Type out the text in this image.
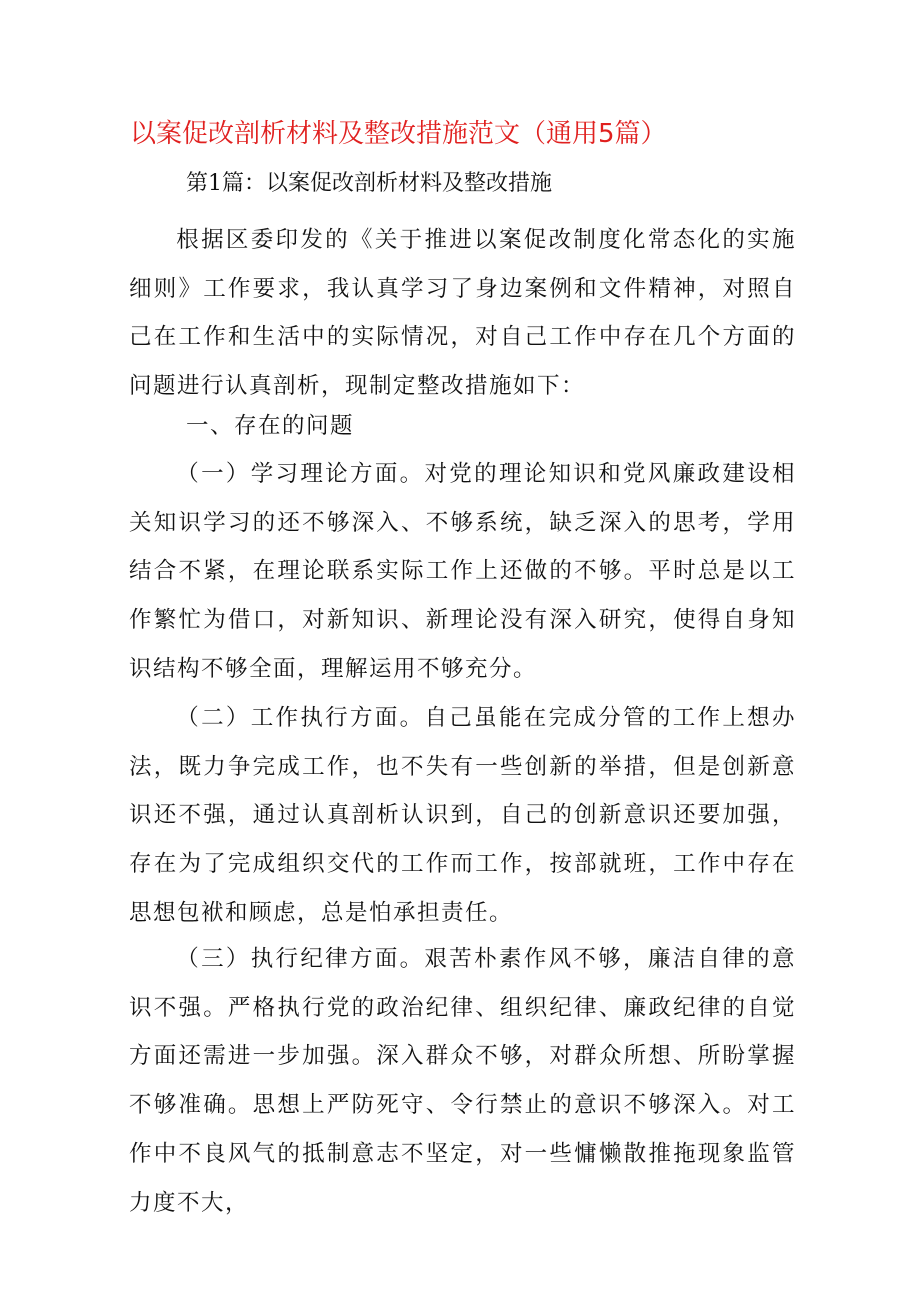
以案促改剖析材料及整改措施范文（通用5篇）
第1篇：以案促改剖析材料及整改措施

根据区委印发的《关于推进以案促改制度化常态化的实施细则》工作要求，我认真学习了身边案例和文件精神，对照自己在工作和生活中的实际情况，对自己工作中存在几个方面的问题进行认真剖析，现制定整改措施如下：

一、存在的问题

（一）学习理论方面。对党的理论知识和党风廉政建设相关知识学习的还不够深入、不够系统，缺乏深入的思考，学用结合不紧，在理论联系实际工作上还做的不够。平时总是以工作繁忙为借口，对新知识、新理论没有深入研究，使得自身知识结构不够全面，理解运用不够充分。

（二）工作执行方面。自己虽能在完成分管的工作上想办法，既力争完成工作，也不失有一些创新的举措，但是创新意识还不强，通过认真剖析认识到，自己的创新意识还要加强，存在为了完成组织交代的工作而工作，按部就班，工作中存在思想包袱和顾虑，总是怕承担责任。

（三）执行纪律方面。艰苦朴素作风不够，廉洁自律的意识不强。严格执行党的政治纪律、组织纪律、廉政纪律的自觉方面还需进一步加强。深入群众不够，对群众所想、所盼掌握不够准确。思想上严防死守、令行禁止的意识不够深入。对工作中不良风气的抵制意志不坚定，对一些慵懒散推拖现象监管力度不大，
